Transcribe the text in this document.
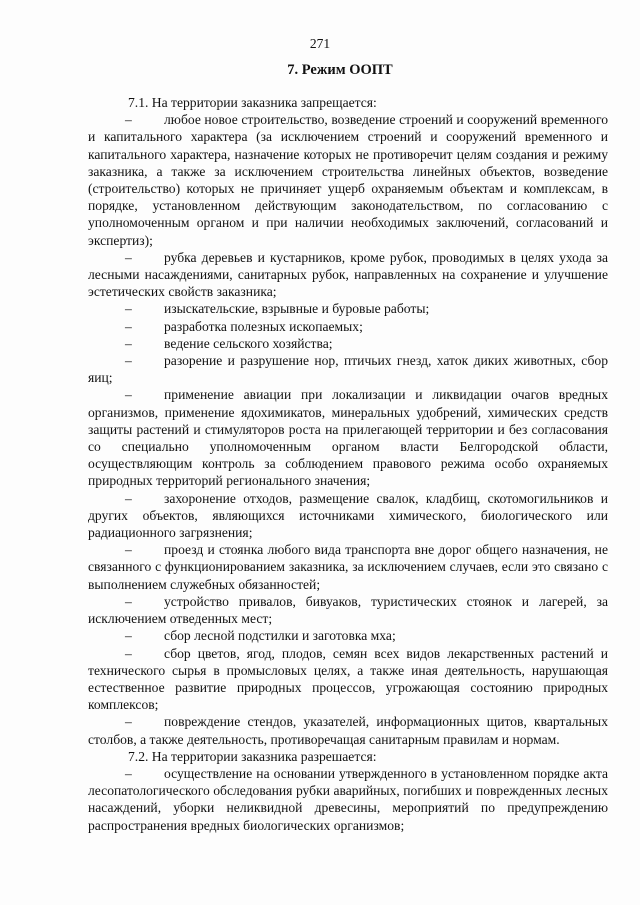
271
7. Режим ООПТ

7.1. На территории заказника запрещается:

– любое новое строительство, возведение строений и сооружений временного и капитального характера (за исключением строений и сооружений временного и капитального характера, назначение которых не противоречит целям создания и режиму заказника, а также за исключением строительства линейных объектов, возведение (строительство) которых не причиняет ущерб охраняемым объектам и комплексам, в порядке, установленном действующим законодательством, по согласованию с уполномоченным органом и при наличии необходимых заключений, согласований и экспертиз);

– рубка деревьев и кустарников, кроме рубок, проводимых в целях ухода за лесными насаждениями, санитарных рубок, направленных на сохранение и улучшение эстетических свойств заказника;

– изыскательские, взрывные и буровые работы;

– разработка полезных ископаемых;

– ведение сельского хозяйства;

– разорение и разрушение нор, птичьих гнезд, хаток диких животных, сбор яиц;

– применение авиации при локализации и ликвидации очагов вредных организмов, применение ядохимикатов, минеральных удобрений, химических средств защиты растений и стимуляторов роста на прилегающей территории и без согласования со специально уполномоченным органом власти Белгородской области, осуществляющим контроль за соблюдением правового режима особо охраняемых природных территорий регионального значения;

– захоронение отходов, размещение свалок, кладбищ, скотомогильников и других объектов, являющихся источниками химического, биологического или радиационного загрязнения;

– проезд и стоянка любого вида транспорта вне дорог общего назначения, не связанного с функционированием заказника, за исключением случаев, если это связано с выполнением служебных обязанностей;

– устройство привалов, бивуаков, туристических стоянок и лагерей, за исключением отведенных мест;

– сбор лесной подстилки и заготовка мха;

– сбор цветов, ягод, плодов, семян всех видов лекарственных растений и технического сырья в промысловых целях, а также иная деятельность, нарушающая естественное развитие природных процессов, угрожающая состоянию природных комплексов;

– повреждение стендов, указателей, информационных щитов, квартальных столбов, а также деятельность, противоречащая санитарным правилам и нормам.

7.2. На территории заказника разрешается:

– осуществление на основании утвержденного в установленном порядке акта лесопатологического обследования рубки аварийных, погибших и поврежденных лесных насаждений, уборки неликвидной древесины, мероприятий по предупреждению распространения вредных биологических организмов;
